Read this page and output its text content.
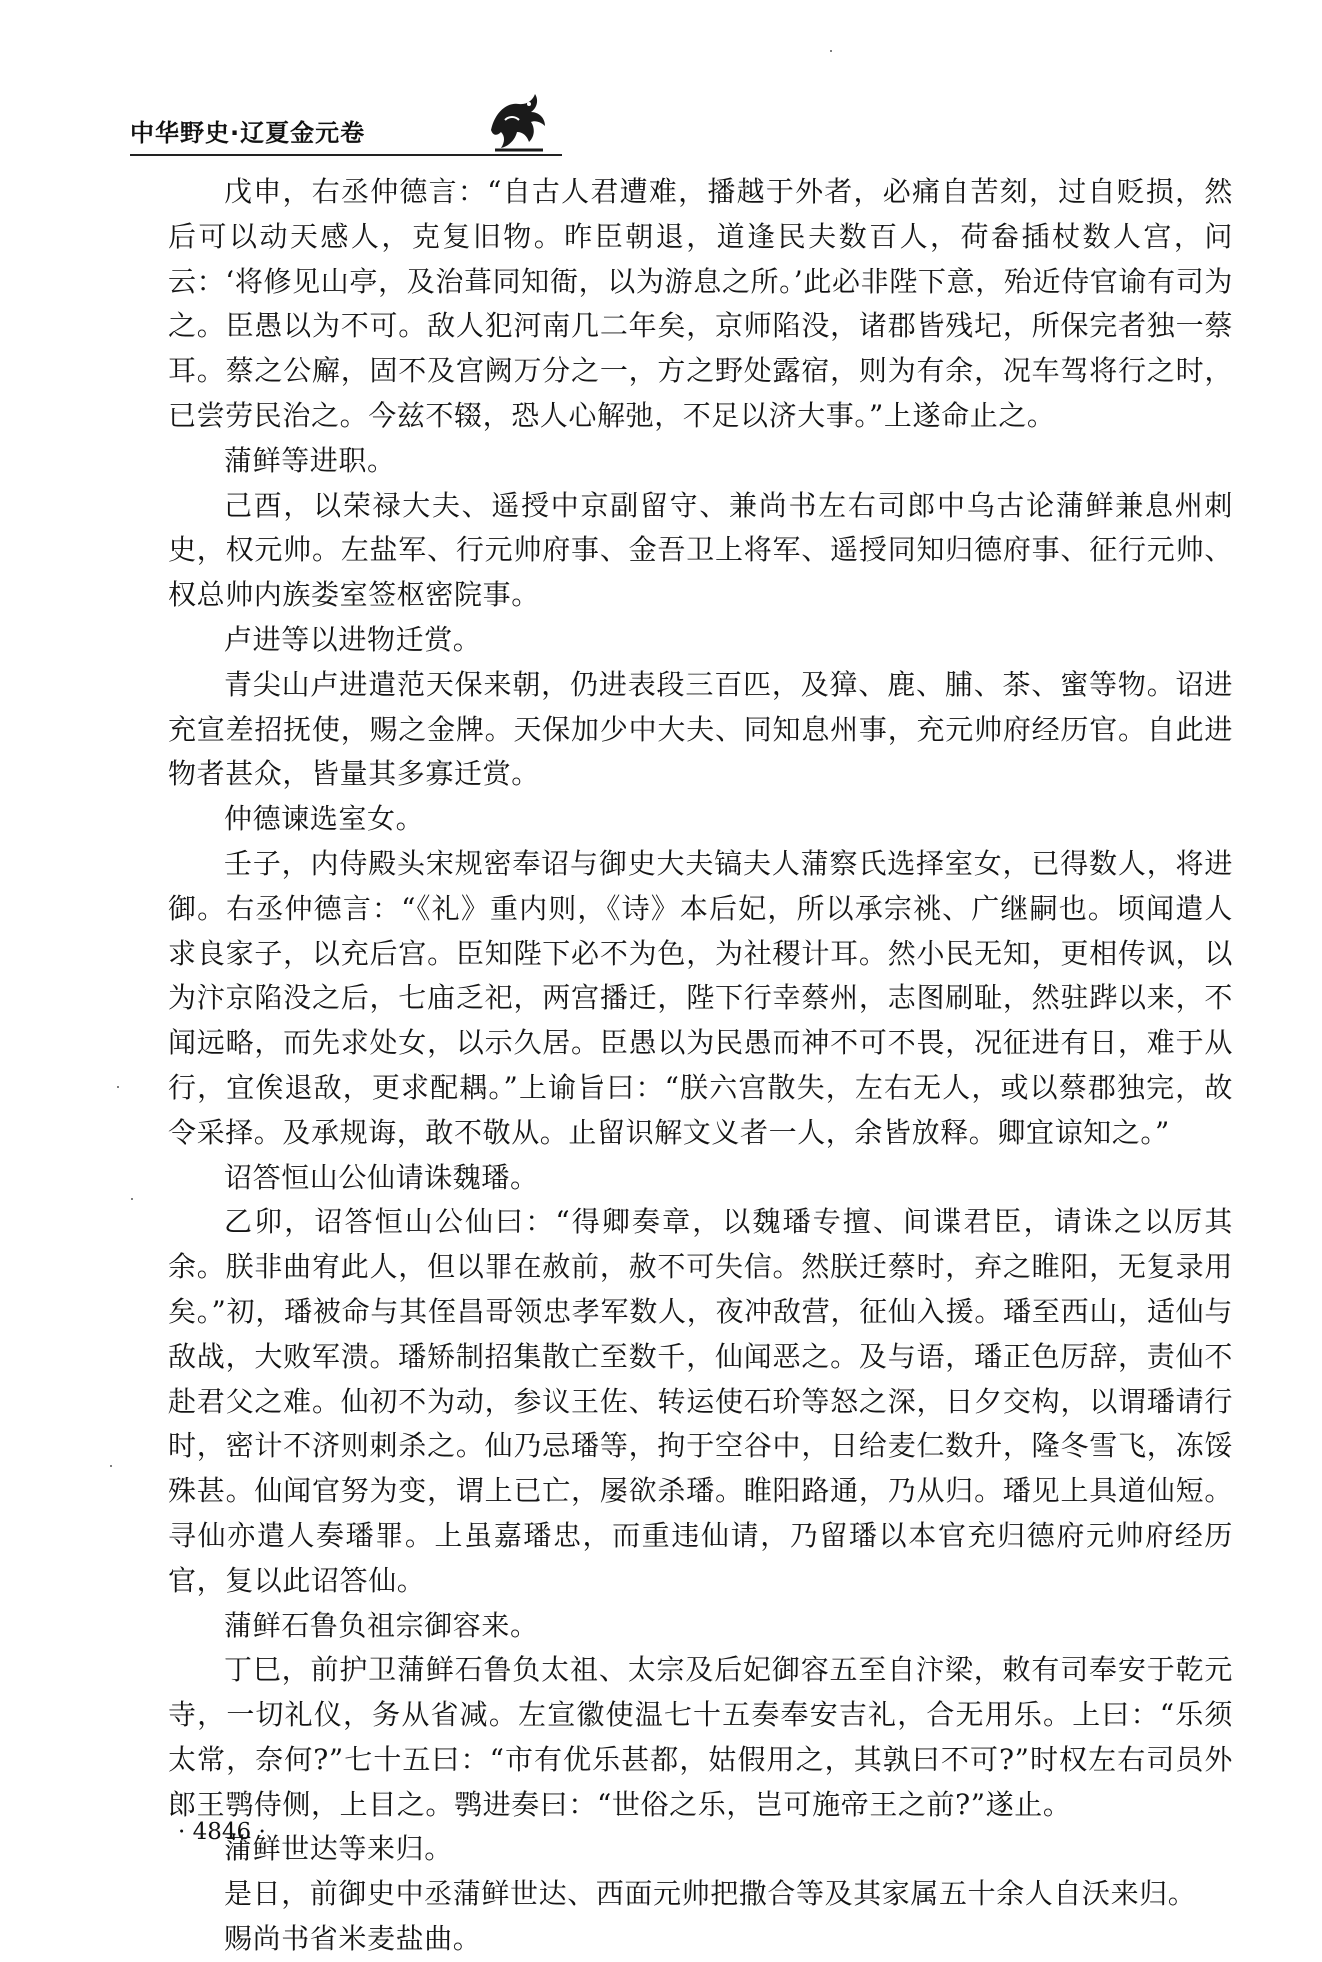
中华野史·辽夏金元卷

戊申，右丞仲德言：“自古人君遭难，播越于外者，必痛自苦刻，过自贬损，然后可以动天感人，克复旧物。昨臣朝退，道逢民夫数百人，荷畚插杖数人宫，问云：‘将修见山亭，及治葺同知衙，以为游息之所。’此必非陛下意，殆近侍官谕有司为之。臣愚以为不可。敌人犯河南几二年矣，京师陷没，诸郡皆残圮，所保完者独一蔡耳。蔡之公廨，固不及宫阙万分之一，方之野处露宿，则为有余，况车驾将行之时，已尝劳民治之。今兹不辍，恐人心解弛，不足以济大事。”上遂命止之。

蒲鲜等进职。

己酉，以荣禄大夫、遥授中京副留守、兼尚书左右司郎中乌古论蒲鲜兼息州刺史，权元帅。左盐军、行元帅府事、金吾卫上将军、遥授同知归德府事、征行元帅、权总帅内族娄室签枢密院事。

卢进等以进物迁赏。

青尖山卢进遣范天保来朝，仍进表段三百匹，及獐、鹿、脯、茶、蜜等物。诏进充宣差招抚使，赐之金牌。天保加少中大夫、同知息州事，充元帅府经历官。自此进物者甚众，皆量其多寡迁赏。

仲德谏选室女。

壬子，内侍殿头宋规密奉诏与御史大夫镐夫人蒲察氏选择室女，已得数人，将进御。右丞仲德言：“《礼》重内则，《诗》本后妃，所以承宗祧、广继嗣也。顷闻遣人求良家子，以充后宫。臣知陛下必不为色，为社稷计耳。然小民无知，更相传讽，以为汴京陷没之后，七庙乏祀，两宫播迁，陛下行幸蔡州，志图刷耻，然驻跸以来，不闻远略，而先求处女，以示久居。臣愚以为民愚而神不可不畏，况征进有日，难于从行，宜俟退敌，更求配耦。”上谕旨曰：“朕六宫散失，左右无人，或以蔡郡独完，故令采择。及承规诲，敢不敬从。止留识解文义者一人，余皆放释。卿宜谅知之。”

诏答恒山公仙请诛魏璠。

乙卯，诏答恒山公仙曰：“得卿奏章，以魏璠专擅、间谍君臣，请诛之以厉其余。朕非曲宥此人，但以罪在赦前，赦不可失信。然朕迁蔡时，弃之睢阳，无复录用矣。”初，璠被命与其侄昌哥领忠孝军数人，夜冲敌营，征仙入援。璠至西山，适仙与敌战，大败军溃。璠矫制招集散亡至数千，仙闻恶之。及与语，璠正色厉辞，责仙不赴君父之难。仙初不为动，参议王佐、转运使石玠等怒之深，日夕交构，以谓璠请行时，密计不济则刺杀之。仙乃忌璠等，拘于空谷中，日给麦仁数升，隆冬雪飞，冻馁殊甚。仙闻官努为变，谓上已亡，屡欲杀璠。睢阳路通，乃从归。璠见上具道仙短。寻仙亦遣人奏璠罪。上虽嘉璠忠，而重违仙请，乃留璠以本官充归德府元帅府经历官，复以此诏答仙。

蒲鲜石鲁负祖宗御容来。

丁巳，前护卫蒲鲜石鲁负太祖、太宗及后妃御容五至自汴梁，敕有司奉安于乾元寺，一切礼仪，务从省减。左宣徽使温七十五奏奉安吉礼，合无用乐。上曰：“乐须太常，奈何?”七十五曰：“市有优乐甚都，姑假用之，其孰曰不可?”时权左右司员外郎王鹗侍侧，上目之。鹗进奏曰：“世俗之乐，岂可施帝王之前?”遂止。

蒲鲜世达等来归。

是日，前御史中丞蒲鲜世达、西面元帅把撒合等及其家属五十余人自沃来归。

赐尚书省米麦盐曲。

· 4846 ·
